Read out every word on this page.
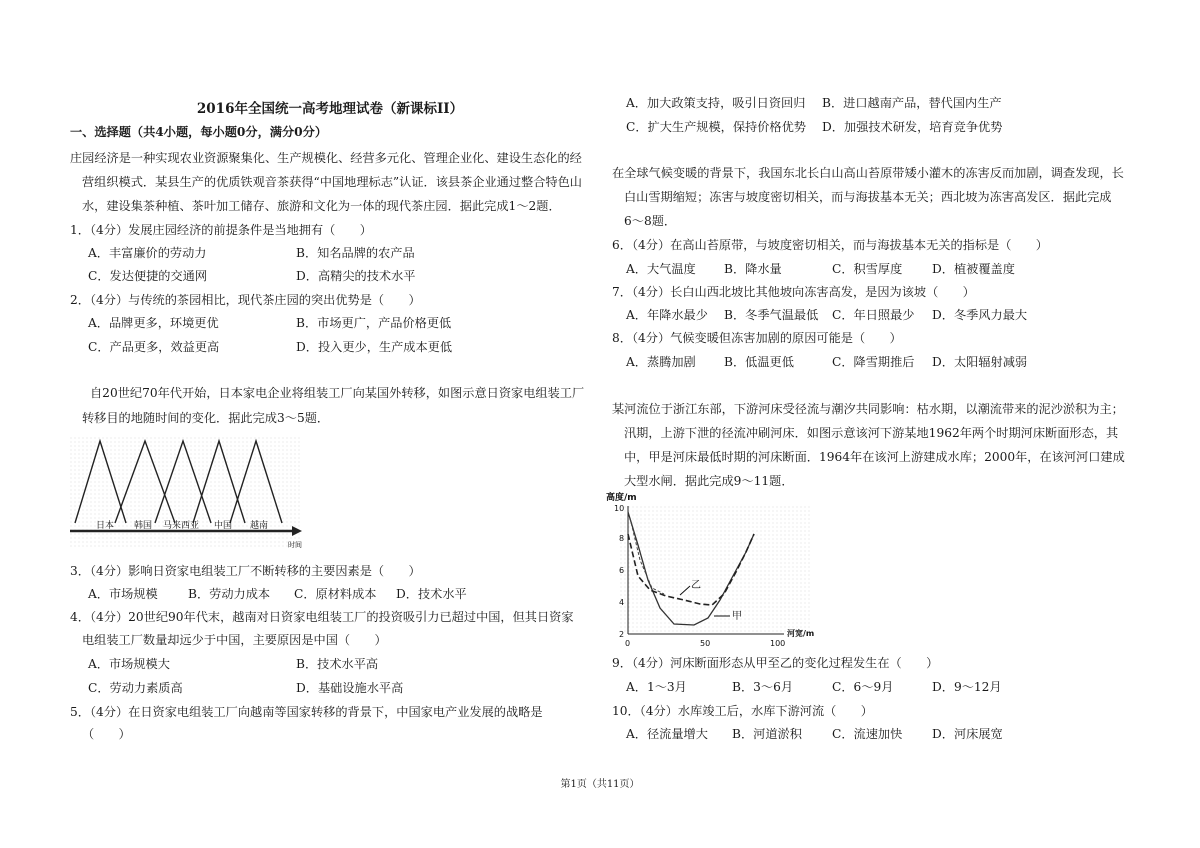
2016年全国统一高考地理试卷（新课标II）
一、选择题（共4小题，每小题0分，满分0分）
庄园经济是一种实现农业资源聚集化、生产规模化、经营多元化、管理企业化、建设生态化的经
营组织模式．某县生产的优质铁观音茶获得“中国地理标志”认证．该县茶企业通过整合特色山
水，建设集茶种植、茶叶加工储存、旅游和文化为一体的现代茶庄园．据此完成1～2题．
1．（4分）发展庄园经济的前提条件是当地拥有（　　）
A．丰富廉价的劳动力	B．知名品牌的农产品
C．发达便捷的交通网	D．高精尖的技术水平
2．（4分）与传统的茶园相比，现代茶庄园的突出优势是（　　）
A．品牌更多，环境更优	B．市场更广，产品价格更低
C．产品更多，效益更高	D．投入更少，生产成本更低
自20世纪70年代开始，日本家电企业将组装工厂向某国外转移，如图示意日资家电组装工厂
转移目的地随时间的变化．据此完成3～5题．
日本 韩国 马来西亚 中国 越南
时间
3．（4分）影响日资家电组装工厂不断转移的主要因素是（　　）
A．市场规模 B．劳动力成本 C．原材料成本 D．技术水平
4．（4分）20世纪90年代末，越南对日资家电组装工厂的投资吸引力已超过中国，但其日资家
电组装工厂数量却远少于中国，主要原因是中国（　　）
A．市场规模大	B．技术水平高
C．劳动力素质高	D．基础设施水平高
5．（4分）在日资家电组装工厂向越南等国家转移的背景下，中国家电产业发展的战略是
（　　）
A．加大政策支持，吸引日资回归 B．进口越南产品，替代国内生产
C．扩大生产规模，保持价格优势 D．加强技术研发，培育竞争优势
在全球气候变暖的背景下，我国东北长白山高山苔原带矮小灌木的冻害反而加剧，调查发现，长
白山雪期缩短；冻害与坡度密切相关，而与海拔基本无关；西北坡为冻害高发区．据此完成
6～8题．
6．（4分）在高山苔原带，与坡度密切相关，而与海拔基本无关的指标是（　　）
A．大气温度 B．降水量	C．积雪厚度 D．植被覆盖度
7．（4分）长白山西北坡比其他坡向冻害高发，是因为该坡（　　）
A．年降水最少 B．冬季气温最低 C．年日照最少 D．冬季风力最大
8．（4分）气候变暖但冻害加剧的原因可能是（　　）
A．蒸腾加剧 B．低温更低	C．降雪期推后 D．太阳辐射减弱
某河流位于浙江东部，下游河床受径流与潮汐共同影响：枯水期，以潮流带来的泥沙淤积为主；
汛期，上游下泄的径流冲刷河床．如图示意该河下游某地1962年两个时期河床断面形态，其
中，甲是河床最低时期的河床断面．1964年在该河上游建成水库；2000年，在该河河口建成
大型水闸．据此完成9～11题．
高度/m
2
4
6
8
10
0	50	100
河宽/m
乙
甲
9．（4分）河床断面形态从甲至乙的变化过程发生在（　　）
A．1～3月	B．3～6月	C．6～9月	D．9～12月
10．（4分）水库竣工后，水库下游河流（　　）
A．径流量增大 B．河道淤积 C．流速加快 D．河床展宽
第1页（共11页）
